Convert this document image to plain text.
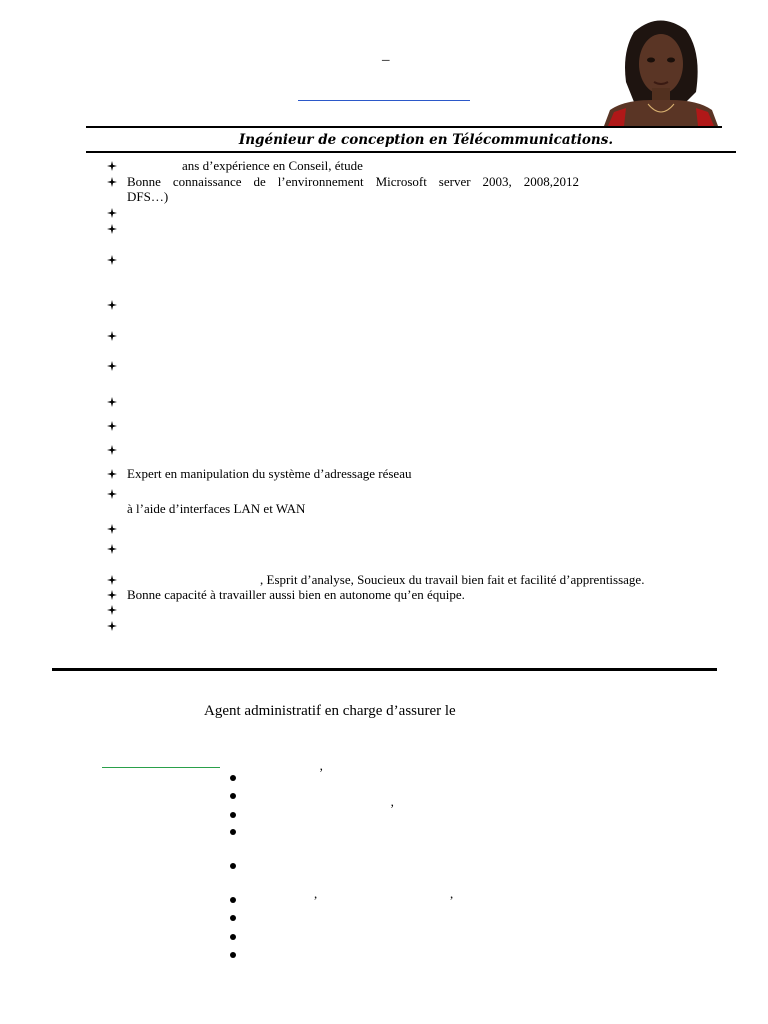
–
Ingénieur de conception en Télécommunications.
ans d’expérience en Conseil, étude
Bonne connaissance de l’environnement Microsoft server 2003, 2008,2012
DFS…)
Expert en manipulation du système d’adressage réseau
à l’aide d’interfaces LAN et WAN
, Esprit d’analyse, Soucieux du travail bien fait et facilité d’apprentissage.
Bonne capacité à travailler aussi bien en autonome qu’en équipe.
Agent administratif en charge d’assurer le
’
’
,	,
